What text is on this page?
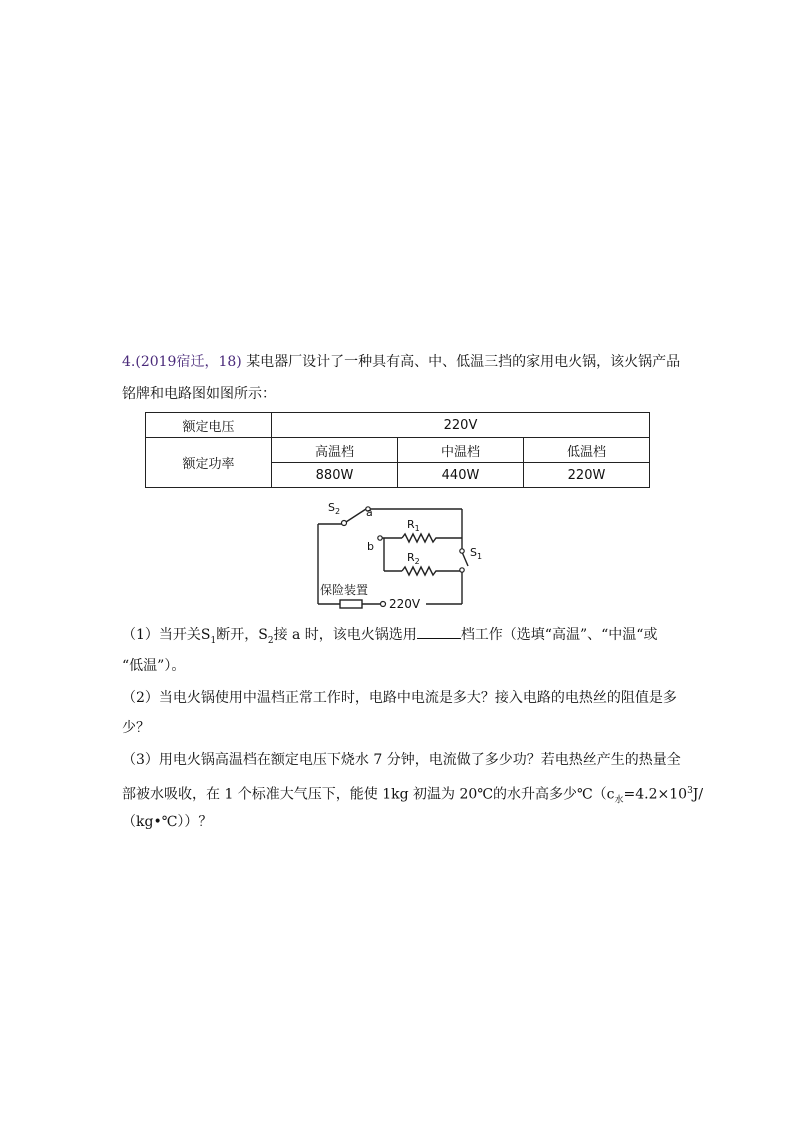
4.(2019宿迁，18) 某电器厂设计了一种具有高、中、低温三挡的家用电火锅，该火锅产品
铭牌和电路图如图所示：
额定电压	220V		
额定功率	高温档	中温档	低温档
	880W	440W	220W
$S_2$ a
b
$R_1$
$R_2$
$S_1$
保险装置
220V
（1）当开关$S_1$断开，$S_2$接 a 时，该电火锅选用	档工作（选填“高温”、“中温“或
“低温”）。
（2）当电火锅使用中温档正常工作时，电路中电流是多大？接入电路的电热丝的阻值是多
少？
（3）用电火锅高温档在额定电压下烧水 7 分钟，电流做了多少功？若电热丝产生的热量全
部被水吸收，在 1 个标准大气压下，能使 1kg 初温为 20℃的水升高多少$℃(c_水=4.2\times 10^3J/$
（kg•℃））？
